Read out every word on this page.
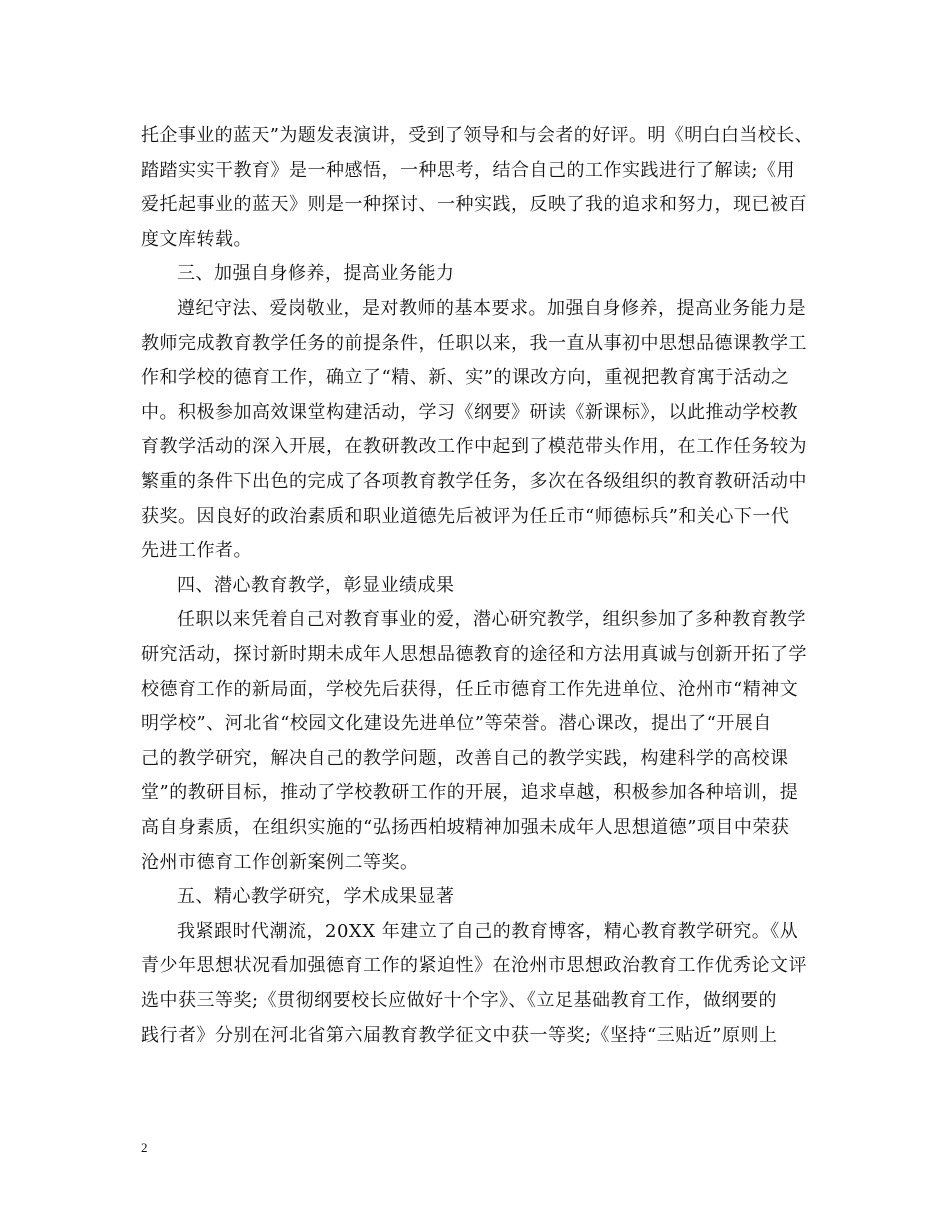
托企事业的蓝天”为题发表演讲，受到了领导和与会者的好评。明《明白白当校长、
踏踏实实干教育》是一种感悟，一种思考，结合自己的工作实践进行了解读;《用
爱托起事业的蓝天》则是一种探讨、一种实践，反映了我的追求和努力，现已被百
度文库转载。
三、加强自身修养，提高业务能力
遵纪守法、爱岗敬业，是对教师的基本要求。加强自身修养，提高业务能力是
教师完成教育教学任务的前提条件，任职以来，我一直从事初中思想品德课教学工
作和学校的德育工作，确立了“精、新、实”的课改方向，重视把教育寓于活动之
中。积极参加高效课堂构建活动，学习《纲要》研读《新课标》，以此推动学校教
育教学活动的深入开展，在教研教改工作中起到了模范带头作用，在工作任务较为
繁重的条件下出色的完成了各项教育教学任务，多次在各级组织的教育教研活动中
获奖。因良好的政治素质和职业道德先后被评为任丘市“师德标兵”和关心下一代
先进工作者。
四、潜心教育教学，彰显业绩成果
任职以来凭着自己对教育事业的爱，潜心研究教学，组织参加了多种教育教学
研究活动，探讨新时期未成年人思想品德教育的途径和方法用真诚与创新开拓了学
校德育工作的新局面，学校先后获得，任丘市德育工作先进单位、沧州市“精神文
明学校”、河北省“校园文化建设先进单位”等荣誉。潜心课改，提出了“开展自
己的教学研究，解决自己的教学问题，改善自己的教学实践，构建科学的高校课
堂”的教研目标，推动了学校教研工作的开展，追求卓越，积极参加各种培训，提
高自身素质，在组织实施的“弘扬西柏坡精神加强未成年人思想道德”项目中荣获
沧州市德育工作创新案例二等奖。
五、精心教学研究，学术成果显著
我紧跟时代潮流，20XX 年建立了自己的教育博客，精心教育教学研究。《从
青少年思想状况看加强德育工作的紧迫性》在沧州市思想政治教育工作优秀论文评
选中获三等奖;《贯彻纲要校长应做好十个字》、《立足基础教育工作，做纲要的
践行者》分别在河北省第六届教育教学征文中获一等奖;《坚持“三贴近”原则上
2
